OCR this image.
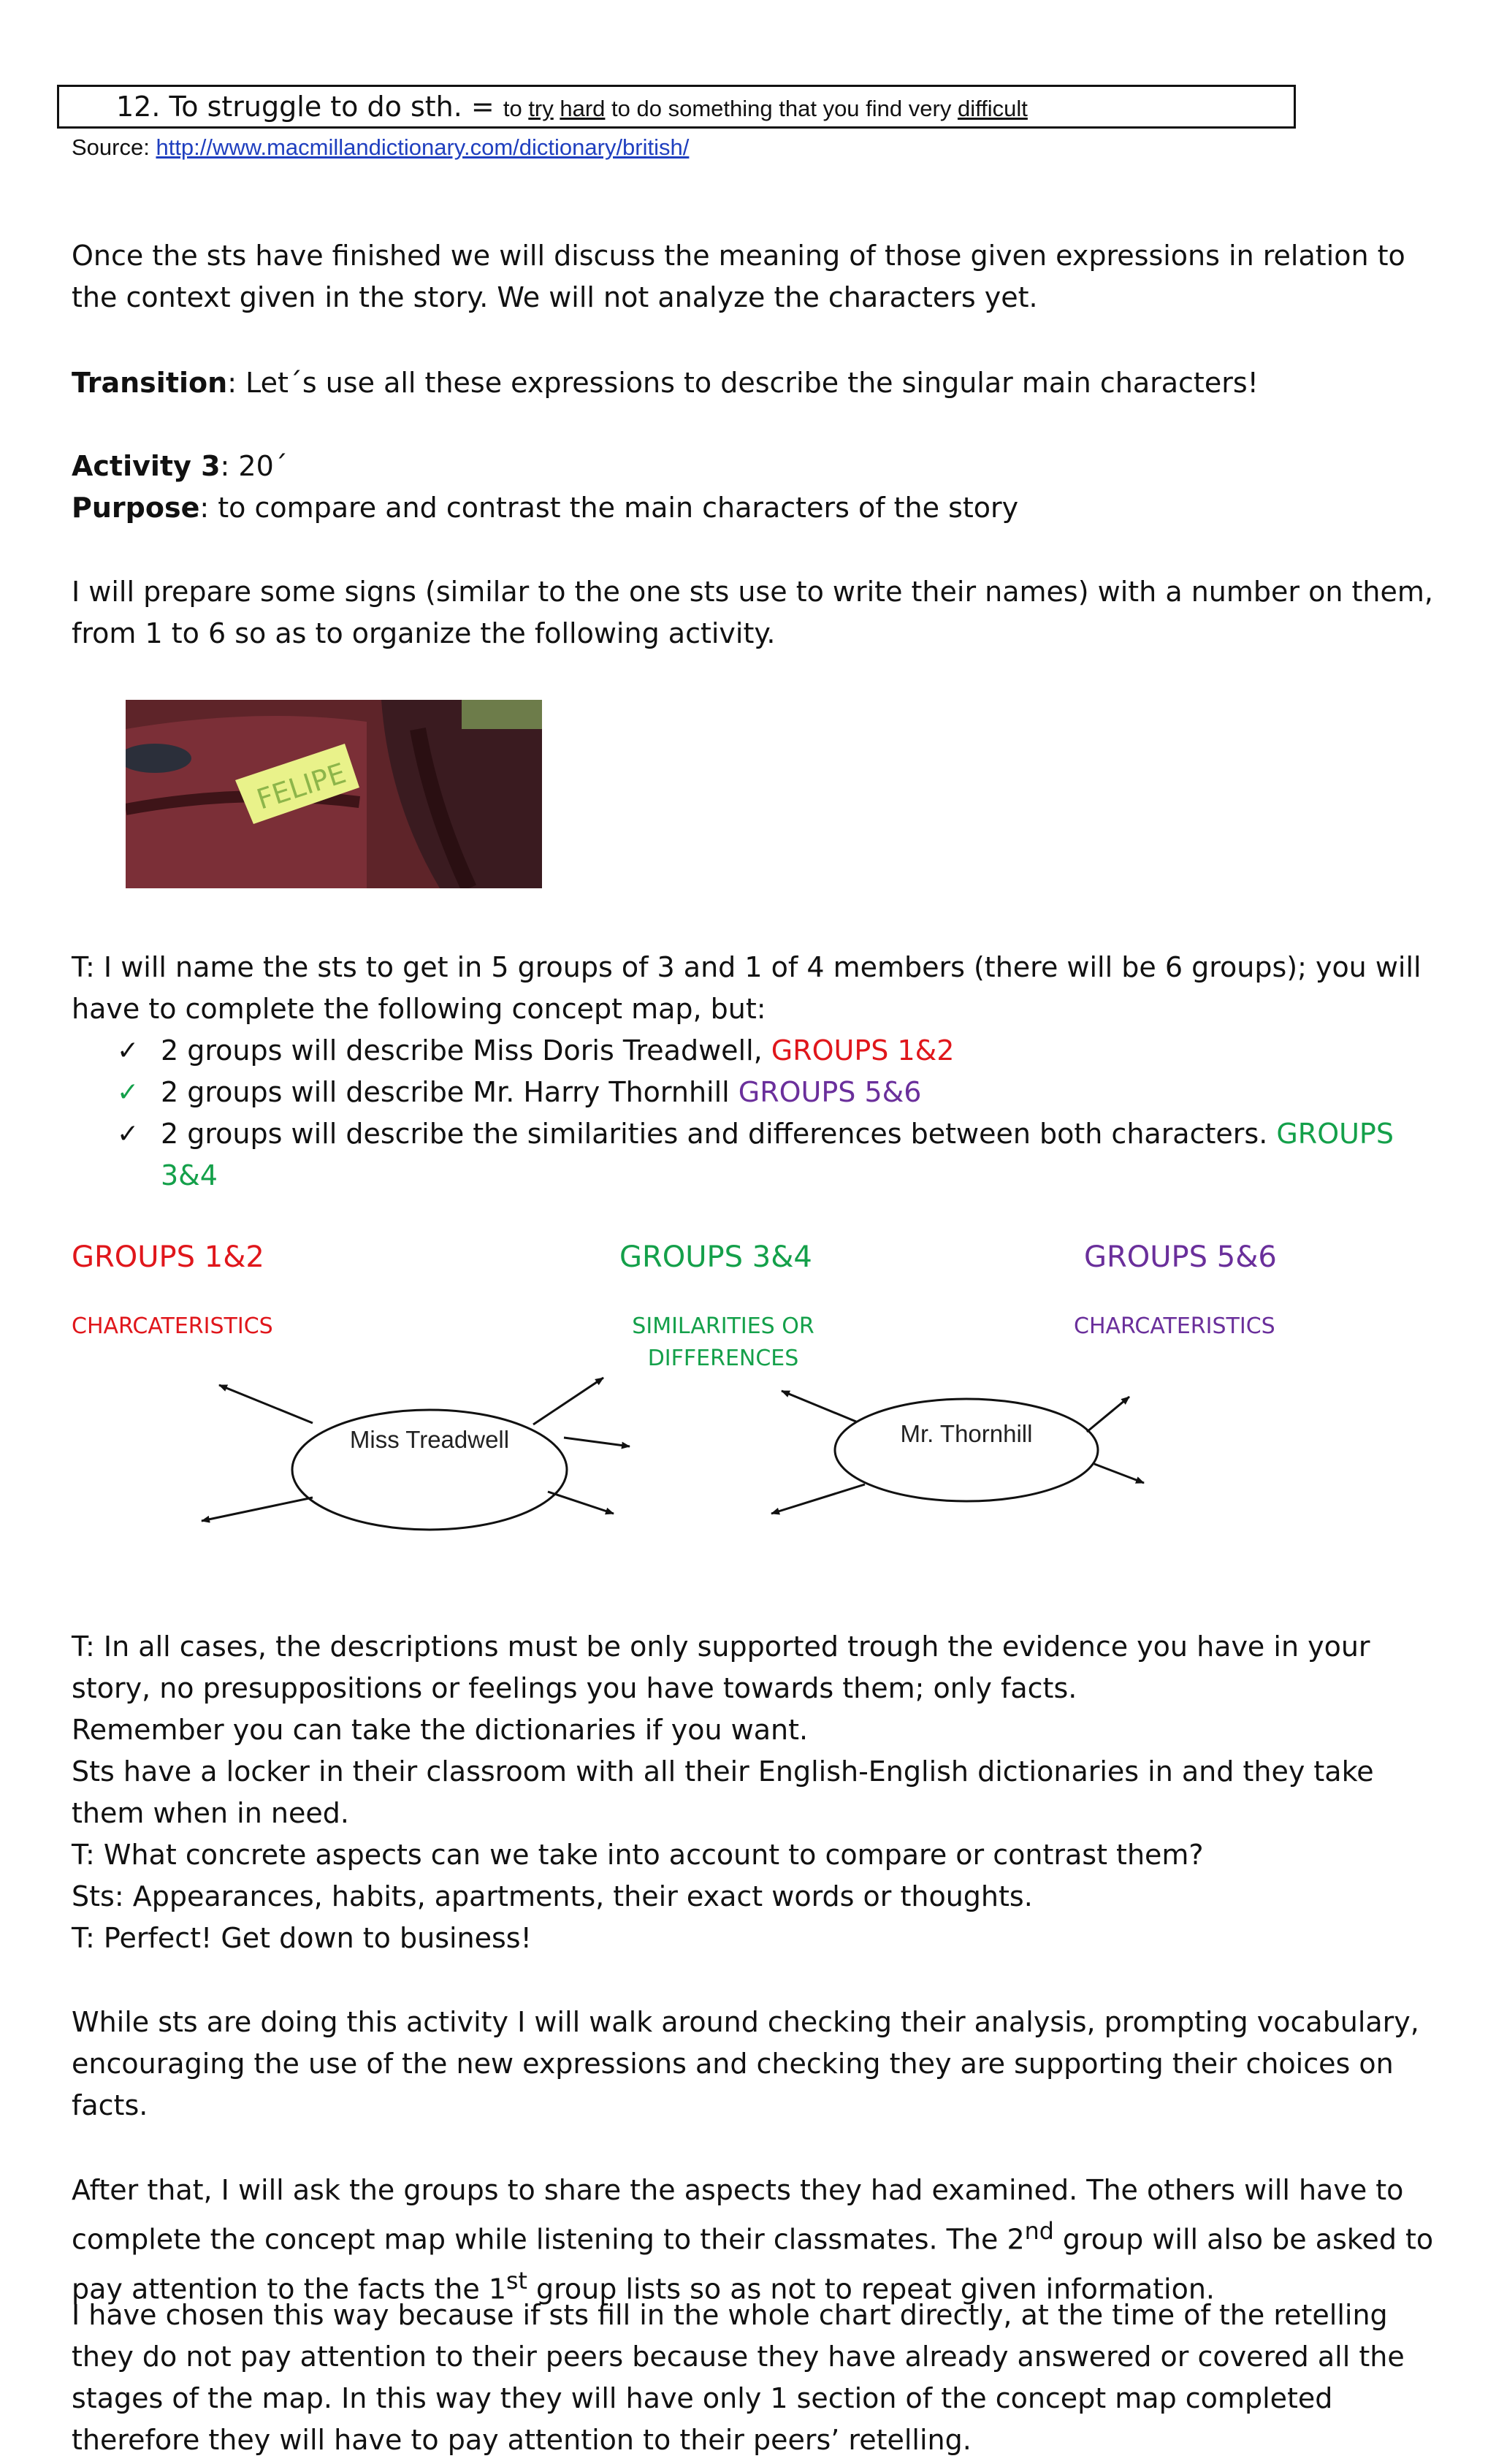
12. To struggle to do sth. = to try hard to do something that you find very difficult
Source: http://www.macmillandictionary.com/dictionary/british/

Once the sts have finished we will discuss the meaning of those given expressions in relation to the context given in the story. We will not analyze the characters yet.

Transition: Let´s use all these expressions to describe the singular main characters!

Activity 3: 20´

Purpose: to compare and contrast the main characters of the story

I will prepare some signs (similar to the one sts use to write their names) with a number on them, from 1 to 6 so as to organize the following activity.

FELIPE

T: I will name the sts to get in 5 groups of 3 and 1 of 4 members (there will be 6 groups); you will have to complete the following concept map, but:

✓ 2 groups will describe Miss Doris Treadwell, GROUPS 1&2
✓ 2 groups will describe Mr. Harry Thornhill GROUPS 5&6
✓ 2 groups will describe the similarities and differences between both characters. GROUPS 3&4
GROUPS 1&2	GROUPS 3&4	GROUPS 5&6
CHARCATERISTICS	SIMILARITIES OR DIFFERENCES
CHARCATERISTICS
Miss Treadwell	Mr. Thornhill

T: In all cases, the descriptions must be only supported trough the evidence you have in your story, no presuppositions or feelings you have towards them; only facts.

Remember you can take the dictionaries if you want.

Sts have a locker in their classroom with all their English-English dictionaries in and they take them when in need.

T: What concrete aspects can we take into account to compare or contrast them?

Sts: Appearances, habits, apartments, their exact words or thoughts.

T: Perfect! Get down to business!

While sts are doing this activity I will walk around checking their analysis, prompting vocabulary, encouraging the use of the new expressions and checking they are supporting their choices on facts.

After that, I will ask the groups to share the aspects they had examined. The others will have to complete the concept map while listening to their classmates. The 2nd group will also be asked to pay attention to the facts the 1st group lists so as not to repeat given information.

I have chosen this way because if sts fill in the whole chart directly, at the time of the retelling they do not pay attention to their peers because they have already answered or covered all the stages of the map. In this way they will have only 1 section of the concept map completed therefore they will have to pay attention to their peers’ retelling.
